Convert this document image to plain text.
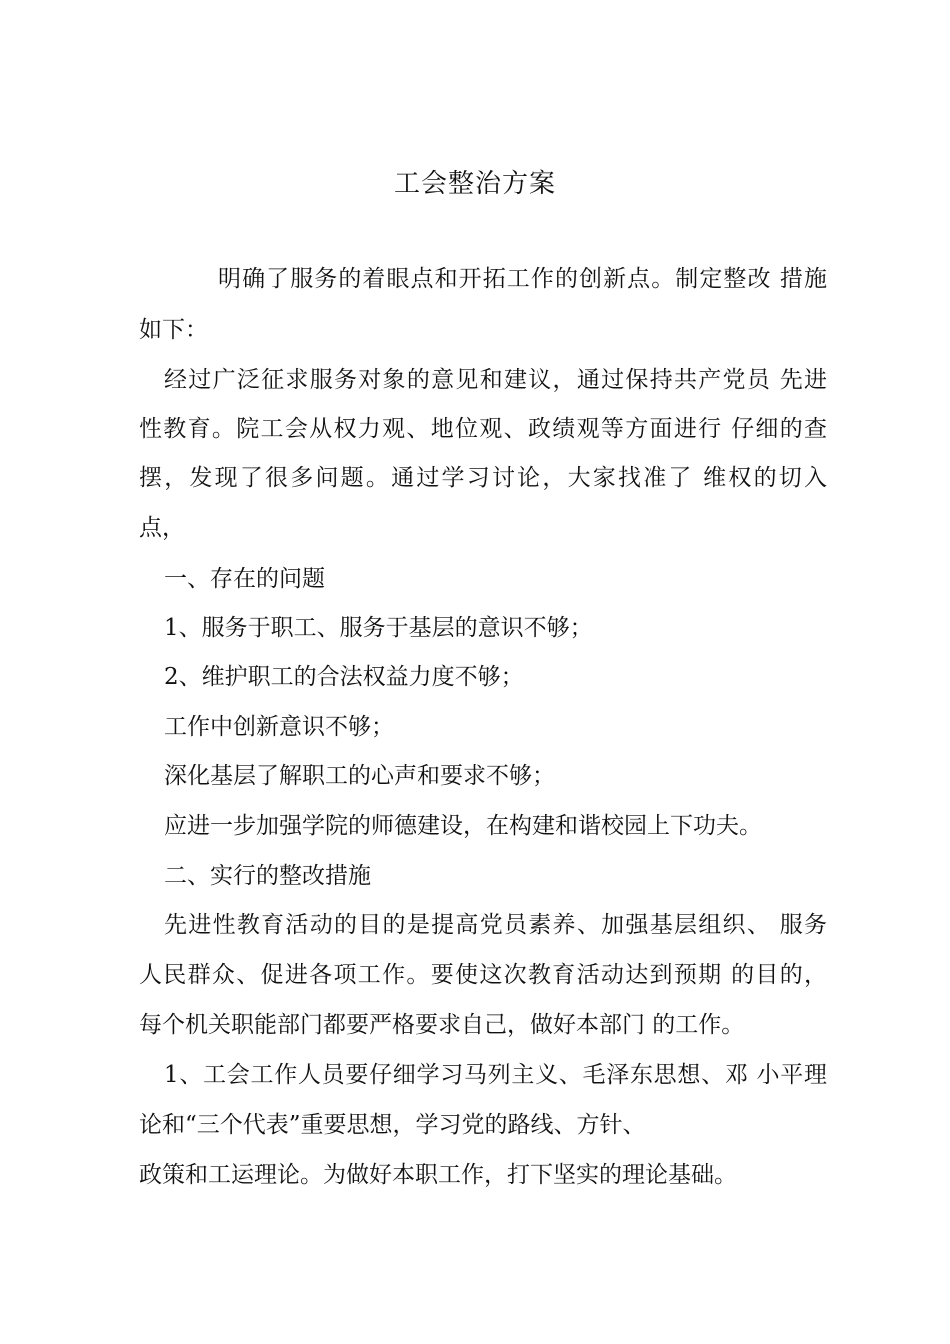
工会整治方案

明确了服务的着眼点和开拓工作的创新点。制定整改 措施

如下：

经过广泛征求服务对象的意见和建议，通过保持共产党员 先进

性教育。院工会从权力观、地位观、政绩观等方面进行 仔细的查

摆，发现了很多问题。通过学习讨论，大家找准了 维权的切入

点，

一、存在的问题

1、服务于职工、服务于基层的意识不够；

2、维护职工的合法权益力度不够；

工作中创新意识不够；

深化基层了解职工的心声和要求不够；

应进一步加强学院的师德建设，在构建和谐校园上下功夫。

二、实行的整改措施

先进性教育活动的目的是提高党员素养、加强基层组织、 服务

人民群众、促进各项工作。要使这次教育活动达到预期 的目的，

每个机关职能部门都要严格要求自己，做好本部门 的工作。

1、工会工作人员要仔细学习马列主义、毛泽东思想、邓 小平理

论和“三个代表”重要思想，学习党的路线、方针、

政策和工运理论。为做好本职工作，打下坚实的理论基础。
